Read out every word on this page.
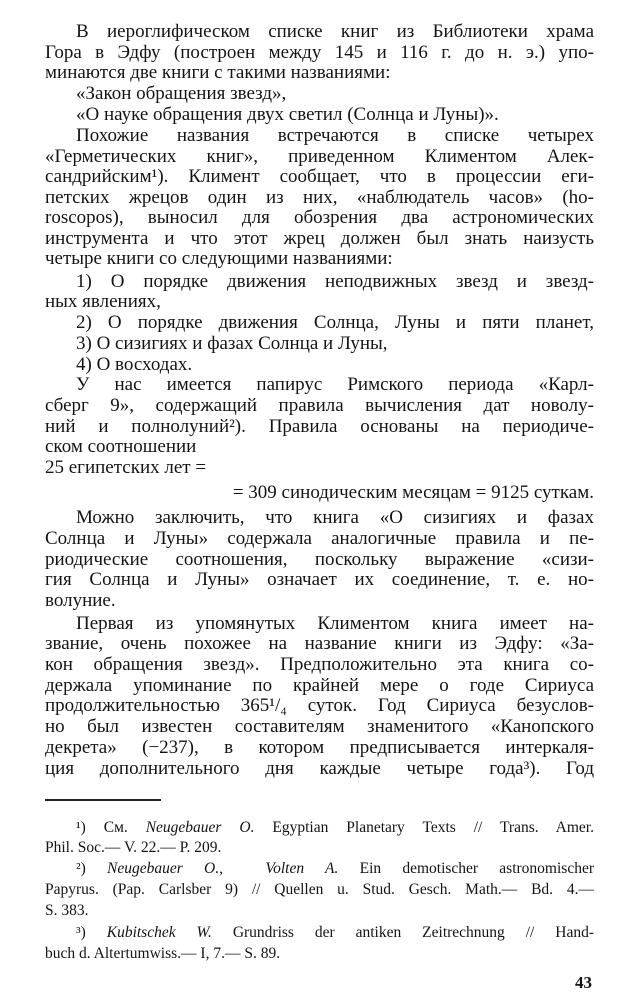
В иероглифическом списке книг из Библиотеки храма
Гора в Эдфу (построен между 145 и 116 г. до н. э.) упо-
минаются две книги с такими названиями:
«Закон обращения звезд»,
«О науке обращения двух светил (Солнца и Луны)».
Похожие названия встречаются в списке четырех
«Герметических книг», приведенном Климентом Алек-
сандрийским¹). Климент сообщает, что в процессии еги-
петских жрецов один из них, «наблюдатель часов» (ho-
roscopos), выносил для обозрения два астрономических
инструмента и что этот жрец должен был знать наизусть
четыре книги со следующими названиями:
1) О порядке движения неподвижных звезд и звезд-
ных явлениях,
2) О порядке движения Солнца, Луны и пяти планет,
3) О сизигиях и фазах Солнца и Луны,
4) О восходах.
У нас имеется папирус Римского периода «Карл-
сберг 9», содержащий правила вычисления дат новолу-
ний и полнолуний²). Правила основаны на периодиче-
ском соотношении
25 египетских лет =
= 309 синодическим месяцам = 9125 суткам.
Можно заключить, что книга «О сизигиях и фазах
Солнца и Луны» содержала аналогичные правила и пе-
риодические соотношения, поскольку выражение «сизи-
гия Солнца и Луны» означает их соединение, т. е. но-
волуние.
Первая из упомянутых Климентом книга имеет на-
звание, очень похожее на название книги из Эдфу: «За-
кон обращения звезд». Предположительно эта книга со-
держала упоминание по крайней мере о годе Сириуса
продолжительностью 365¹/₄ суток. Год Сириуса безуслов-
но был известен составителям знаменитого «Канопского
декрета» (−237), в котором предписывается интеркаля-
ция дополнительного дня каждые четыре года³). Год
¹) См. Neugebauer O. Egyptian Planetary Texts // Trans. Amer.
Phil. Soc.— V. 22.— P. 209.
²) Neugebauer O.,  Volten A. Ein demotischer astronomischer
Papyrus. (Pap. Carlsber 9) // Quellen u. Stud. Gesch. Math.— Bd. 4.—
S. 383.
³) Kubitschek W. Grundriss der antiken Zeitrechnung // Hand-
buch d. Altertumwiss.— I, 7.— S. 89.
43
